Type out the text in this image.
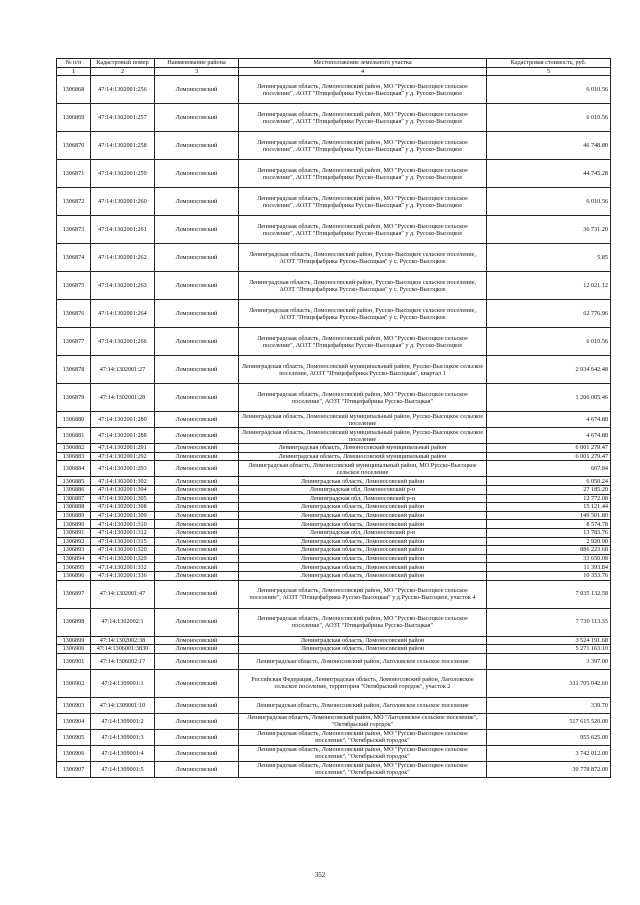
№ п/п	Кадастровый номер	Наименование района	Местоположение земельного участка	Кадастровая стоимость, руб.
1	2	3	4	5
1306868	47:14:1302001:256	Ломоносовский	Ленинградская область, Ломоносовский район, МО "Русско-Высоцкое сельское поселение", АОЗТ "Птицефабрика Русско-Высоцкая" у д. Русско-Высоцкое	6 010.56
1306869	47:14:1302001:257	Ломоносовский	Ленинградская область, Ломоносовский район, МО "Русско-Высоцкое сельское поселение", АОЗТ "Птицефабрика Русско-Высоцкая" у д. Русско-Высоцкое	6 010.56
1306870	47:14:1302001:258	Ломоносовский	Ленинградская область, Ломоносовский район, МО "Русско-Высоцкое сельское поселение", АОЗТ "Птицефабрика Русско-Высоцкая" у д. Русско-Высоцкое	46 748.80
1306871	47:14:1302001:259	Ломоносовский	Ленинградская область, Ломоносовский район, МО "Русско-Высоцкое сельское поселение", АОЗТ "Птицефабрика Русско-Высоцкая" у д. Русско-Высоцкое	44 745.28
1306872	47:14:1302001:260	Ломоносовский	Ленинградская область, Ломоносовский район, МО "Русско-Высоцкое сельское поселение", АОЗТ "Птицефабрика Русско-Высоцкая" у д. Русско-Высоцкое	6 010.56
1306873	47:14:1302001:261	Ломоносовский	Ленинградская область, Ломоносовский район, МО "Русско-Высоцкое сельское поселение", АОЗТ "Птицефабрика Русско-Высоцкая" у д. Русско-Высоцкое	36 731.20
1306874	47:14:1302001:262	Ломоносовский	Ленинградская область, Ломоносовский район, Русско-Высоцкое сельское поселение, АОЗТ "Птицефабрика Русско-Высоцкая" у с. Русско-Высоцкое	5.85
1306875	47:14:1302001:263	Ломоносовский	Ленинградская область, Ломоносовский район, Русско-Высоцкое сельское поселение, АОЗТ "Птицефабрика Русско-Высоцкая" у с. Русско-Высоцкое	12 021.12
1306876	47:14:1302001:264	Ломоносовский	Ленинградская область, Ломоносовский район, Русско-Высоцкое сельское поселение, АОЗТ "Птицефабрика Русско-Высоцкая" у с. Русско-Высоцкое	62 776.96
1306877	47:14:1302001:266	Ломоносовский	Ленинградская область, Ломоносовский район, МО "Русско-Высоцкое сельское поселение", АОЗТ "Птицефабрика Русско-Высоцкая" у д. Русско-Высоцкое	6 010.56
1306878	47:14:1302001:27	Ломоносовский	Ленинградская область, Ломоносовский муниципальный район, Русско-Высоцкое сельское поселение, АОЗТ "Птицефабрика Русско-Высоцкая", квартал 1	2 934 642.48
1306879	47:14:1302001:28	Ломоносовский	Ленинградская область, Ломоносовский район, МО "Русско-Высоцкое сельское поселение", АОЗТ "Птицефабрика Русско-Высоцкая"	1 206 005.46
1306880	47:14:1302001:280	Ломоносовский	Ленинградская область, Ломоносовский муниципальный район, Русско-Высоцкое сельское поселение	4 674.88
1306881	47:14:1302001:288	Ломоносовский	Ленинградская область, Ломоносовский муниципальный район, Русско-Высоцкое сельское поселение	4 674.88
1306882	47:14:1302001:291	Ломоносовский	Ленинградская область, Ломоносовский муниципальный район	6 001 279.47
1306883	47:14:1302001:292	Ломоносовский	Ленинградская область, Ломоносовский муниципальный район	6 001 279.47
1306884	47:14:1302001:293	Ломоносовский	Ленинградская область, Ломоносовский муниципальный район, МО Русско-Высоцкое сельское поселение	667.84
1306885	47:14:1302001:302	Ломоносовский	Ленинградская область, Ломоносовский район	6 050.24
1306886	47:14:1302001:304	Ломоносовский	Ленинградская обл, Ломоносовский р-н	27 185.20
1306887	47:14:1302001:305	Ломоносовский	Ленинградская обл, Ломоносовский р-н	12 772.08
1306888	47:14:1302001:308	Ломоносовский	Ленинградская область, Ломоносовский район	15 121.44
1306889	47:14:1302001:309	Ломоносовский	Ленинградская область, Ломоносовский район	149 501.80
1306890	47:14:1302001:310	Ломоносовский	Ленинградская область, Ломоносовский район	8 574.78
1306891	47:14:1302001:312	Ломоносовский	Ленинградская обл, Ломоносовский р-н	13 783.76
1306892	47:14:1302001:315	Ломоносовский	Ленинградская область, Ломоносовский район	2 920.90
1306893	47:14:1302001:320	Ломоносовский	Ленинградская область, Ломоносовский район	886 223.68
1306894	47:14:1302001:329	Ломоносовский	Ленинградская область, Ломоносовский район	33 650.08
1306895	47:14:1302001:332	Ломоносовский	Ленинградская область, Ломоносовский район	11 393.84
1306896	47:14:1302001:336	Ломоносовский	Ленинградская область, Ломоносовский район	10 353.76
1306897	47:14:1302001:47	Ломоносовский	Ленинградская область, Ломоносовский район, МО "Русско-Высоцкое сельское поселение", АОЗТ "Птицефабрика Русско-Высоцкая" у д.Русско-Высоцкое, участок 4	7 035 132.58
1306898	47:14:1302002:1	Ломоносовский	Ленинградская область, Ломоносовский район, МО "Русско-Высоцкое сельское поселение", АОЗТ "Птицефабрика Русско-Высоцкая"	7 730 113.35
1306899	47:14:1302002:38	Ломоносовский	Ленинградская область, Ломоносовский район	3 524 191.68
1306900	47:14:1306001:3830	Ломоносовский	Ленинградская область, Ломоносовский район	5 271 163.10
1306901	47:14:1306002:17	Ломоносовский	Ленинградская область, Ломоносовский район, Лаголовское сельское поселение	3 397.00
1306902	47:14:1309001:1	Ломоносовский	Российская Федерация, Ленинградская область, Ломоносовский район, Лаголовское сельское поселение, территория "Октябрьский городок", участок 2	311 705 042.60
1306903	47:14:1309001:10	Ломоносовский	Ленинградская область, Ломоносовский район, Лаголовское сельское поселение	339.70
1306904	47:14:1309001:2	Ломоносовский	Ленинградская область, Ломоносовский район, МО "Лаголовское сельское поселение", "Октябрьский городок"	517 615 520.00
1306905	47:14:1309001:3	Ломоносовский	Ленинградская область, Ломоносовский район, МО "Русско-Высоцкое сельское поселение", "Октябрьский городок"	955 625.00
1306906	47:14:1309001:4	Ломоносовский	Ленинградская область, Ломоносовский район, МО "Русско-Высоцкое сельское поселение", "Октябрьский городок"	3 742 012.00
1306907	47:14:1309001:5	Ломоносовский	Ленинградская область, Ломоносовский район, МО "Русско-Высоцкое сельское поселение", "Октябрьский городок"	30 778 872.00
352
